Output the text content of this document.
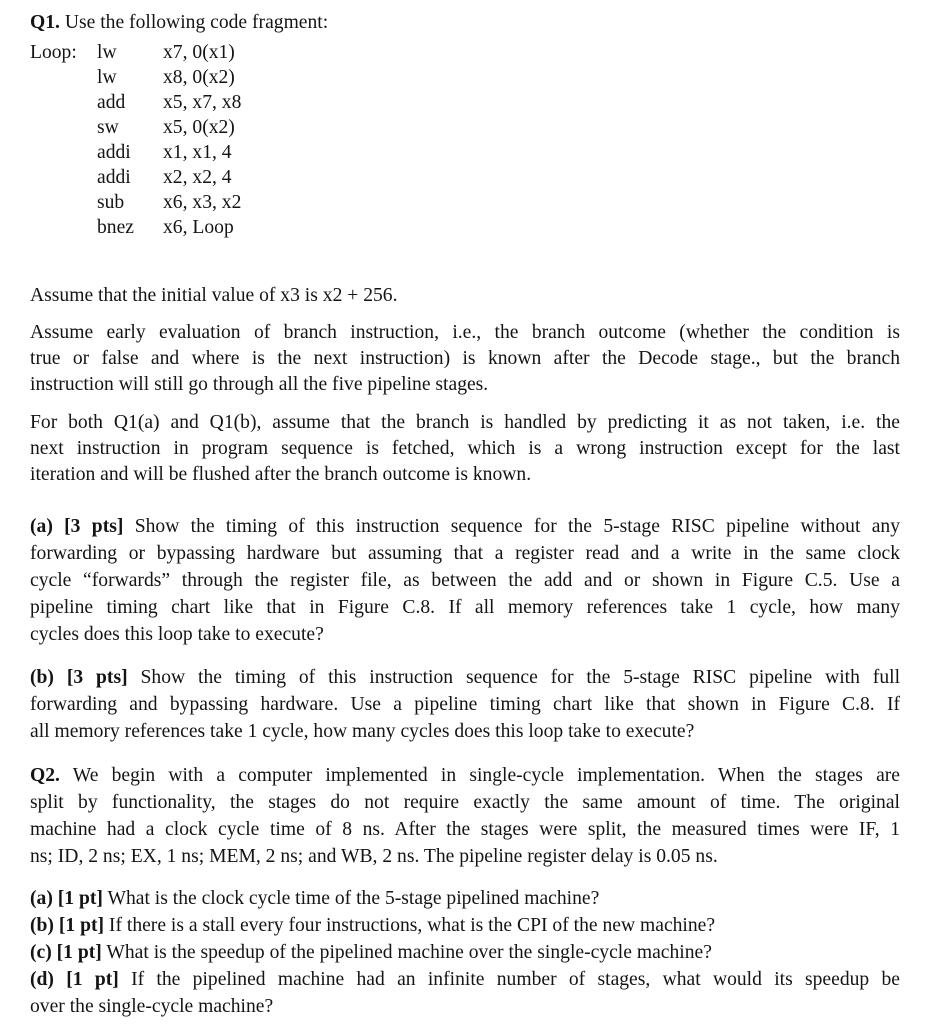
Q1. Use the following code fragment:
Loop: lw x7, 0(x1)
lw x8, 0(x2)
add x5, x7, x8
sw x5, 0(x2)
addi x1, x1, 4
addi x2, x2, 4
sub x6, x3, x2
bnez x6, Loop
Assume that the initial value of x3 is x2 + 256.
Assume early evaluation of branch instruction, i.e., the branch outcome (whether the condition is
true or false and where is the next instruction) is known after the Decode stage., but the branch
instruction will still go through all the five pipeline stages.
For both Q1(a) and Q1(b), assume that the branch is handled by predicting it as not taken, i.e. the
next instruction in program sequence is fetched, which is a wrong instruction except for the last
iteration and will be flushed after the branch outcome is known.
(a) [3 pts] Show the timing of this instruction sequence for the 5-stage RISC pipeline without any
forwarding or bypassing hardware but assuming that a register read and a write in the same clock
cycle “forwards” through the register file, as between the add and or shown in Figure C.5. Use a
pipeline timing chart like that in Figure C.8. If all memory references take 1 cycle, how many
cycles does this loop take to execute?
(b) [3 pts] Show the timing of this instruction sequence for the 5-stage RISC pipeline with full
forwarding and bypassing hardware. Use a pipeline timing chart like that shown in Figure C.8. If
all memory references take 1 cycle, how many cycles does this loop take to execute?
Q2. We begin with a computer implemented in single-cycle implementation. When the stages are
split by functionality, the stages do not require exactly the same amount of time. The original
machine had a clock cycle time of 8 ns. After the stages were split, the measured times were IF, 1
ns; ID, 2 ns; EX, 1 ns; MEM, 2 ns; and WB, 2 ns. The pipeline register delay is 0.05 ns.
(a) [1 pt] What is the clock cycle time of the 5-stage pipelined machine?
(b) [1 pt] If there is a stall every four instructions, what is the CPI of the new machine?
(c) [1 pt] What is the speedup of the pipelined machine over the single-cycle machine?
(d) [1 pt] If the pipelined machine had an infinite number of stages, what would its speedup be
over the single-cycle machine?
